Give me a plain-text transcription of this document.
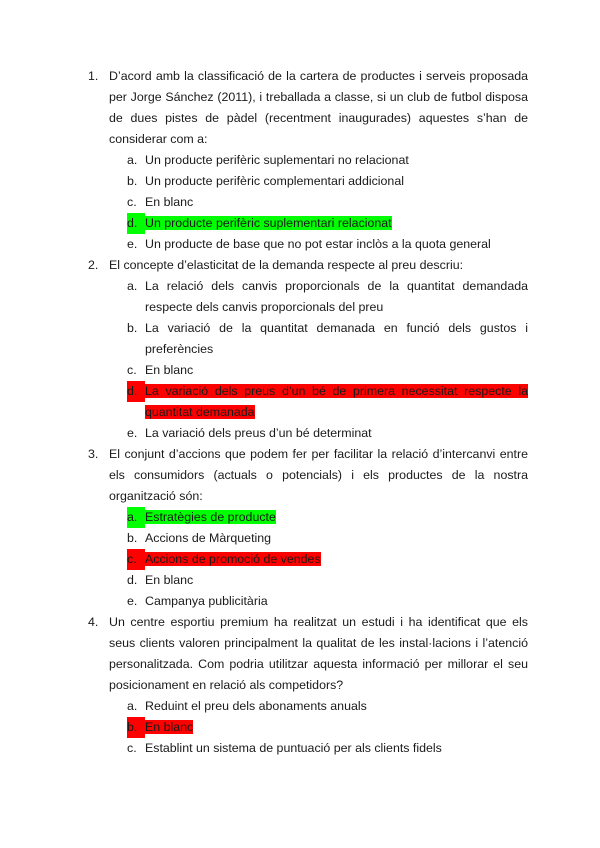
1. D’acord amb la classificació de la cartera de productes i serveis proposada per Jorge Sánchez (2011), i treballada a classe, si un club de futbol disposa de dues pistes de pàdel (recentment inaugurades) aquestes s’han de considerar com a:
a. Un producte perifèric suplementari no relacionat
b. Un producte perifèric complementari addicional
c. En blanc
d. Un producte perifèric suplementari relacionat
e. Un producte de base que no pot estar inclòs a la quota general
2. El concepte d’elasticitat de la demanda respecte al preu descriu:
a. La relació dels canvis proporcionals de la quantitat demandada respecte dels canvis proporcionals del preu
b. La variació de la quantitat demanada en funció dels gustos i preferències
c. En blanc
d. La variació dels preus d’un bé de primera necessitat respecte la quantitat demanada
e. La variació dels preus d’un bé determinat
3. El conjunt d’accions que podem fer per facilitar la relació d’intercanvi entre els consumidors (actuals o potencials) i els productes de la nostra organització són:
a. Estratègies de producte
b. Accions de Màrqueting
c. Accions de promoció de vendes
d. En blanc
e. Campanya publicitària
4. Un centre esportiu premium ha realitzat un estudi i ha identificat que els seus clients valoren principalment la qualitat de les instal·lacions i l’atenció personalitzada. Com podria utilitzar aquesta informació per millorar el seu posicionament en relació als competidors?
a. Reduint el preu dels abonaments anuals
b. En blanc
c. Establint un sistema de puntuació per als clients fidels
